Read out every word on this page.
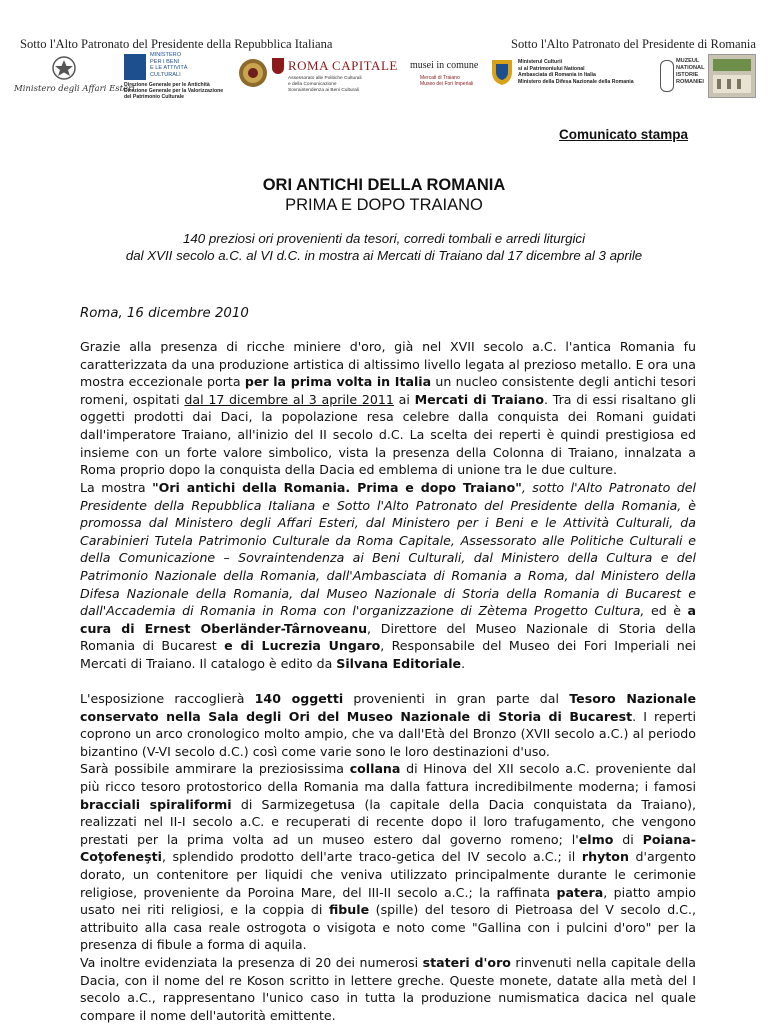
Sotto l'Alto Patronato del Presidente della Repubblica Italiana	Sotto l'Alto Patronato del Presidente di Romania
Ministero degli Affari Esteri
MINISTERO
PER I BENI
E LE ATTIVITÀ
CULTURALI
Direzione Generale per le Antichità
Direzione Generale per la Valorizzazione
del Patrimonio Culturale
ROMA CAPITALE
Assessorato alle Politiche Culturali
e della Comunicazione
Sovraintendenza ai Beni Culturali
musei in comune
Mercati di Traiano
Museo dei Fori Imperiali
Ministerul Culturii
si al Patrimoniului National
Ambasciata di Romania in Italia
Ministero della Difesa Nazionale della Romania
MUZEUL
NATIONAL
ISTORIE
ROMANIEI
Comunicato stampa
ORI ANTICHI DELLA ROMANIA
PRIMA E DOPO TRAIANO
140 preziosi ori provenienti da tesori, corredi tombali e arredi liturgici
dal XVII secolo a.C. al VI d.C. in mostra ai Mercati di Traiano dal 17 dicembre al 3 aprile
Roma, 16 dicembre 2010

Grazie alla presenza di ricche miniere d'oro, già nel XVII secolo a.C. l'antica Romania fu caratterizzata da una produzione artistica di altissimo livello legata al prezioso metallo. E ora una mostra eccezionale porta per la prima volta in Italia un nucleo consistente degli antichi tesori romeni, ospitati dal 17 dicembre al 3 aprile 2011 ai Mercati di Traiano. Tra di essi risaltano gli oggetti prodotti dai Daci, la popolazione resa celebre dalla conquista dei Romani guidati dall'imperatore Traiano, all'inizio del II secolo d.C. La scelta dei reperti è quindi prestigiosa ed insieme con un forte valore simbolico, vista la presenza della Colonna di Traiano, innalzata a Roma proprio dopo la conquista della Dacia ed emblema di unione tra le due culture.

La mostra "Ori antichi della Romania. Prima e dopo Traiano", sotto l'Alto Patronato del Presidente della Repubblica Italiana e Sotto l'Alto Patronato del Presidente della Romania, è promossa dal Ministero degli Affari Esteri, dal Ministero per i Beni e le Attività Culturali, da Carabinieri Tutela Patrimonio Culturale da Roma Capitale, Assessorato alle Politiche Culturali e della Comunicazione – Sovraintendenza ai Beni Culturali, dal Ministero della Cultura e del Patrimonio Nazionale della Romania, dall'Ambasciata di Romania a Roma, dal Ministero della Difesa Nazionale della Romania, dal Museo Nazionale di Storia della Romania di Bucarest e dall'Accademia di Romania in Roma con l'organizzazione di Zètema Progetto Cultura, ed è a cura di Ernest Oberländer-Târnoveanu, Direttore del Museo Nazionale di Storia della Romania di Bucarest e di Lucrezia Ungaro, Responsabile del Museo dei Fori Imperiali nei Mercati di Traiano. Il catalogo è edito da Silvana Editoriale.

L'esposizione raccoglierà 140 oggetti provenienti in gran parte dal Tesoro Nazionale conservato nella Sala degli Ori del Museo Nazionale di Storia di Bucarest. I reperti coprono un arco cronologico molto ampio, che va dall'Età del Bronzo (XVII secolo a.C.) al periodo bizantino (V-VI secolo d.C.) così come varie sono le loro destinazioni d'uso.
Sarà possibile ammirare la preziosissima collana di Hinova del XII secolo a.C. proveniente dal più ricco tesoro protostorico della Romania ma dalla fattura incredibilmente moderna; i famosi bracciali spiraliformi di Sarmizegetusa (la capitale della Dacia conquistata da Traiano), realizzati nel II-I secolo a.C. e recuperati di recente dopo il loro trafugamento, che vengono prestati per la prima volta ad un museo estero dal governo romeno; l'elmo di Poiana-Coţofeneşti, splendido prodotto dell'arte traco-getica del IV secolo a.C.; il rhyton d'argento dorato, un contenitore per liquidi che veniva utilizzato principalmente durante le cerimonie religiose, proveniente da Poroina Mare, del III-II secolo a.C.; la raffinata patera, piatto ampio usato nei riti religiosi, e la coppia di fibule (spille) del tesoro di Pietroasa del V secolo d.C., attribuito alla casa reale ostrogota o visigota e noto come "Gallina con i pulcini d'oro" per la presenza di fibule a forma di aquila.
Va inoltre evidenziata la presenza di 20 dei numerosi stateri d'oro rinvenuti nella capitale della Dacia, con il nome del re Koson scritto in lettere greche. Queste monete, datate alla metà del I secolo a.C., rappresentano l'unico caso in tutta la produzione numismatica dacica nel quale compare il nome dell'autorità emittente.
